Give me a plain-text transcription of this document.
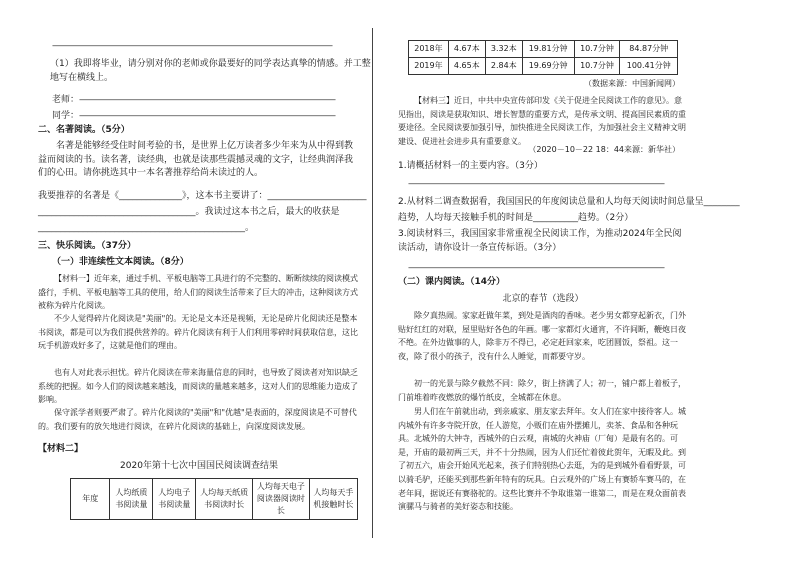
———————————————————————————————————

（1）我即将毕业，请分别对你的老师或你最要好的同学表达真挚的情感。并工整地写在横线上。

老师：————————————————————————————————
同学：————————————————————————————————

二、名著阅读。（5分）

名著是能够经受住时间考验的书，是世界上亿万读者多少年来为从中得到教益而阅读的书。读名著，读经典，也就是读那些震撼灵魂的文字，让经典润泽我们的心田。请你挑选其中一本名著推荐给尚未读过的人。

我要推荐的名著是《______________》，这本书主要讲了：______________________

___________________________________。我读过这本书之后，最大的收获是

______________________________________________。

三、快乐阅读。（37分）

（一）非连续性文本阅读。（8分）

【材料一】近年来，通过手机、平板电脑等工具进行的不完整的、断断续续的阅读模式盛行，手机、平板电脑等工具的使用，给人们的阅读生活带来了巨大的冲击，这种阅读方式被称为碎片化阅读。

不少人觉得碎片化阅读是"美丽"的。无论是文本还是视频，无论是碎片化阅读还是整本书阅读，都是可以为我们提供营养的。碎片化阅读有利于人们利用零碎时间获取信息，这比玩手机游戏好多了，这就是他们的理由。

也有人对此表示担忧。碎片化阅读在带来海量信息的同时，也导致了阅读者对知识缺乏系统的把握。如今人们的阅读越来越浅，而阅读的量越来越多，这对人们的思维能力造成了影响。

保守派学者则要严肃了。碎片化阅读的"美丽"和"优越"是表面的，深度阅读是不可替代的。我们要有的放矢地进行阅读，在碎片化阅读的基础上，向深度阅读发展。

【材料二】

2020年第十七次中国国民阅读调查结果

年度	人均纸质书阅读量	人均电子书阅读量	人均每天纸质书阅读时长	人均每天电子阅读器阅读时长	人均每天手机接触时长
2018年	4.67本	3.32本	19.81分钟	10.7分钟	84.87分钟
2019年	4.65本	2.84本	19.69分钟	10.7分钟	100.41分钟

（数据来源：中国新闻网）

【材料三】近日，中共中央宣传部印发《关于促进全民阅读工作的意见》。意见指出，阅读是获取知识、增长智慧的重要方式，是传承文明、提高国民素质的重要途径。全民阅读要加强引导，加快推进全民阅读工作，为加强社会主义精神文明建设、促进社会进步具有重要意义。

（2020－10－22 18：44来源：新华社）

1.请概括材料一的主要内容。（3分）

————————————————————————————————

2.从材料二调查数据看，我国国民的年度阅读总量和人均每天阅读时间总量呈________

趋势，人均每天接触手机的时间是__________趋势。（2分）

3.阅读材料三，我国国家非常重视全民阅读工作，为推动2024年全民阅读活动，请你设计一条宣传标语。（3分）

————————————————————————————————

（二）课内阅读。（14分）

北京的春节（选段）

除夕真热闹。家家赶做年菜，到处是酒肉的香味。老少男女都穿起新衣，门外贴好红红的对联，屋里贴好各色的年画。哪一家都灯火通宵，不许间断，鞭炮日夜不绝。在外边做事的人，除非万不得已，必定赶回家来，吃团圆饭，祭祖。这一夜，除了很小的孩子，没有什么人睡觉，而都要守岁。

初一的光景与除夕截然不同：除夕，街上挤满了人；初一，铺户都上着板子，门前堆着昨夜燃放的爆竹纸皮，全城都在休息。

男人们在午前就出动，到亲戚家、朋友家去拜年。女人们在家中接待客人。城内城外有许多寺院开放，任人游览，小贩们在庙外摆摊儿，卖茶、食品和各种玩具。北城外的大钟寺，西城外的白云观，南城的火神庙（厂甸）是最有名的。可是，开庙的最初两三天，并不十分热闹，因为人们还忙着彼此贺年，无暇及此。到了初五六，庙会开始风光起来，孩子们特别热心去逛，为的是到城外看看野景，可以骑毛驴，还能买到那些新年特有的玩具。白云观外的广场上有赛轿车赛马的，在老年间，据说还有赛骆驼的。这些比赛并不争取谁第一谁第二，而是在观众面前表演骡马与骑者的美好姿态和技能。
